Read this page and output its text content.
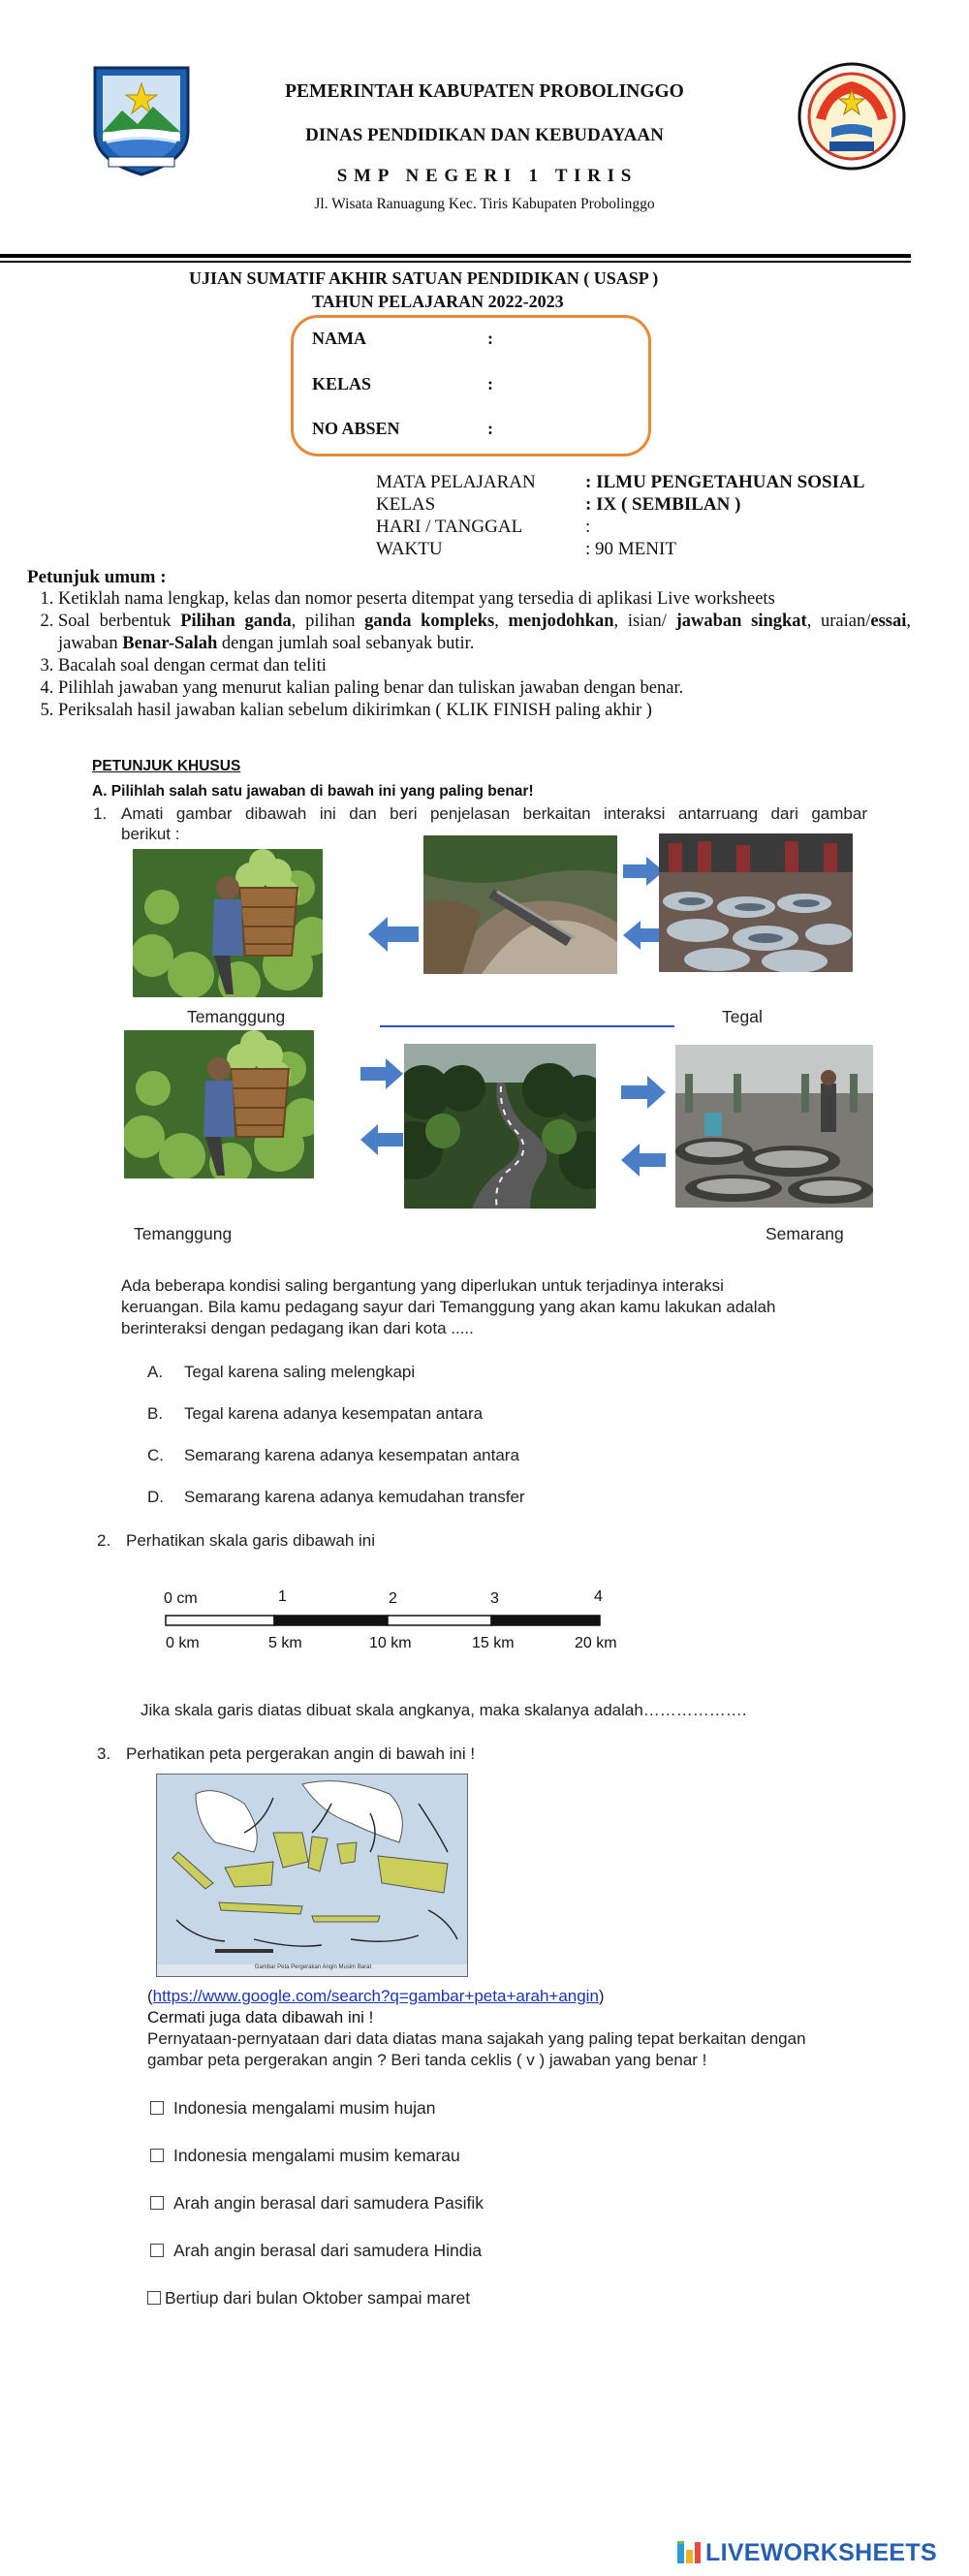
PEMERINTAH KABUPATEN PROBOLINGGO
DINAS PENDIDIKAN DAN KEBUDAYAAN
S M P   N E G E R I   1   T I R I S
Jl. Wisata Ranuagung Kec. Tiris Kabupaten Probolinggo
UJIAN SUMATIF AKHIR SATUAN PENDIDIKAN ( USASP )
TAHUN PELAJARAN 2022-2023
NAMA	:
KELAS	:
NO ABSEN	:
MATA PELAJARAN	: ILMU PENGETAHUAN SOSIAL
KELAS	: IX ( SEMBILAN )
HARI / TANGGAL	:
WAKTU	: 90 MENIT
Petunjuk umum :
1. Ketiklah nama lengkap, kelas dan nomor peserta ditempat yang tersedia di aplikasi Live worksheets
2. Soal berbentuk Pilihan ganda, pilihan ganda kompleks, menjodohkan, isian/ jawaban singkat, uraian/essai, jawaban Benar-Salah dengan jumlah soal sebanyak butir.
3. Bacalah soal dengan cermat dan teliti
4. Pilihlah jawaban yang menurut kalian paling benar dan tuliskan jawaban dengan benar.
5. Periksalah hasil jawaban kalian sebelum dikirimkan ( KLIK FINISH paling akhir )
PETUNJUK KHUSUS
A. Pilihlah salah satu jawaban di bawah ini yang paling benar!
1. Amati gambar dibawah ini dan beri penjelasan berkaitan interaksi antarruang dari gambar
berikut :
Temanggung	Tegal
Temanggung	Semarang
Ada beberapa kondisi saling bergantung yang diperlukan untuk terjadinya interaksi
keruangan. Bila kamu pedagang sayur dari Temanggung yang akan kamu lakukan adalah
berinteraksi dengan pedagang ikan dari kota .....
A. Tegal karena saling melengkapi
B. Tegal karena adanya kesempatan antara
C. Semarang karena adanya kesempatan antara
D. Semarang karena adanya kemudahan transfer
2. Perhatikan skala garis dibawah ini
0 cm	1	2	3	4
0 km	5 km	10 km	15 km	20 km
Jika skala garis diatas dibuat skala angkanya, maka skalanya adalah……………….
3. Perhatikan peta pergerakan angin di bawah ini !
Gambar Peta Pergerakan Angin Musim Barat
(https://www.google.com/search?q=gambar+peta+arah+angin)
Cermati juga data dibawah ini !
Pernyataan-pernyataan dari data diatas mana sajakah yang paling tepat berkaitan dengan
gambar peta pergerakan angin ? Beri tanda ceklis ( v ) jawaban yang benar !
Indonesia mengalami musim hujan
Indonesia mengalami musim kemarau
Arah angin berasal dari samudera Pasifik
Arah angin berasal dari samudera Hindia
Bertiup dari bulan Oktober sampai maret
LIVEWORKSHEETS
